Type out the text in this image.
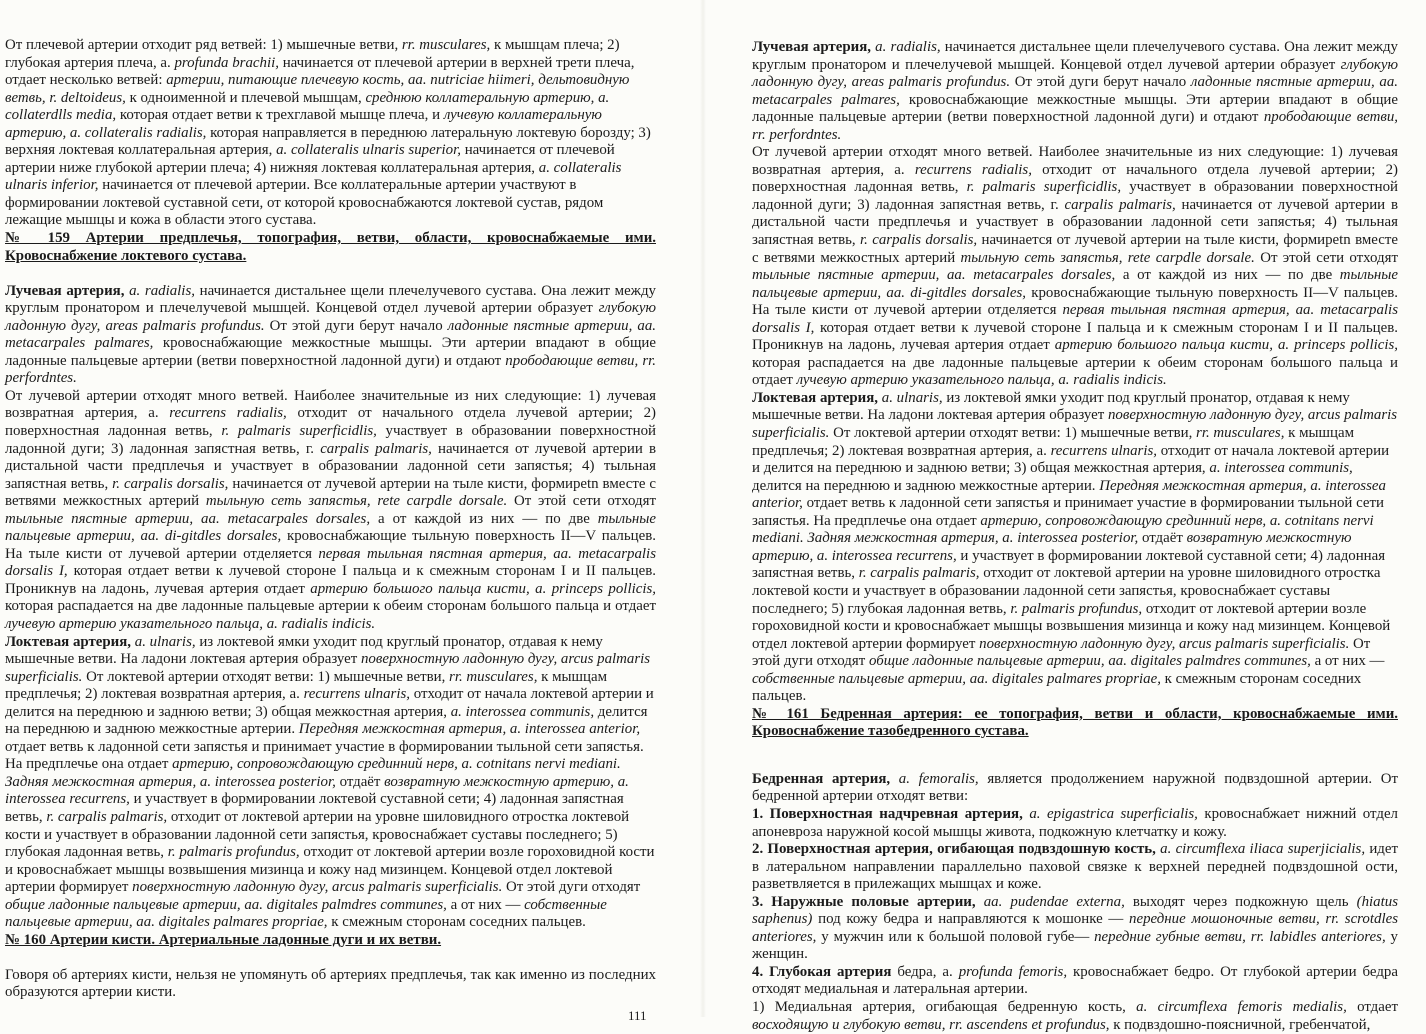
От плечевой артерии отходит ряд ветвей: 1) мышечные ветви, rr. musculares, к мышцам плеча; 2) глубокая артерия плеча, а. profunda brachii, начинается от плечевой артерии в верхней трети плеча, отдает несколько ветвей: артерии, питающие плечевую кость, aa. nutriciae hiimeri, дельтовидную ветвь, r. deltoideus, к одноименной и плечевой мышцам, среднюю коллатеральную артерию, a. collaterdlls media, которая отдает ветви к трехглавой мышце плеча, и лучевую коллатеральную артерию, a. collateralis radialis, которая направляется в переднюю латеральную локтевую борозду; 3) верхняя локтевая коллатеральная артерия, a. collateralis ulnaris superior, начинается от плечевой артерии ниже глубокой артерии плеча; 4) нижняя локтевая коллатеральная артерия, a. collateralis ulnaris inferior, начинается от плечевой артерии. Все коллатеральные артерии участвуют в формировании локтевой суставной сети, от которой кровоснабжаются локтевой сустав, рядом лежащие мышцы и кожа в области этого сустава.

№ 159 Артерии предплечья, топография, ветви, области, кровоснабжаемые ими. Кровоснабжение локтевого сустава.

Лучевая артерия, a. radialis, начинается дистальнее щели плечелучевого сустава. Она лежит между круглым пронатором и плечелучевой мышцей. Концевой отдел лучевой артерии образует глубокую ладонную дугу, areas palmaris profundus. От этой дуги берут начало ладонные пястные артерии, aa. metacarpales palmares, кровоснабжающие межкостные мышцы. Эти артерии впадают в общие ладонные пальцевые артерии (ветви поверхностной ладонной дуги) и отдают прободающие ветви, rr. perfordntes.

От лучевой артерии отходят много ветвей. Наиболее значительные из них следующие: 1) лучевая возвратная артерия, а. recurrens radialis, отходит от начального отдела лучевой артерии; 2) поверхностная ладонная ветвь, r. palmaris superficidlis, участвует в образовании поверхностной ладонной дуги; 3) ладонная запястная ветвь, г. carpalis palmaris, начинается от лучевой артерии в дистальной части предплечья и участвует в образовании ладонной сети запястья; 4) тыльная запястная ветвь, r. carpalis dorsalis, начинается от лучевой артерии на тыле кисти, формирetn вместе с ветвями межкостных артерий тыльную сеть запястья, rete carpdle dorsale. От этой сети отходят тыльные пястные артерии, aa. metacarpales dorsales, а от каждой из них — по две тыльные пальцевые артерии, aa. di-gitdles dorsales, кровоснабжающие тыльную поверхность II—V пальцев. На тыле кисти от лучевой артерии отделяется первая тыльная пястная артерия, aa. metacarpalis dorsalis I, которая отдает ветви к лучевой стороне I пальца и к смежным сторонам I и II пальцев. Проникнув на ладонь, лучевая артерия отдает артерию большого пальца кисти, a. princeps pollicis, которая распадается на две ладонные пальцевые артерии к обеим сторонам большого пальца и отдает лучевую артерию указательного пальца, a. radialis indicis.

Локтевая артерия, a. ulnaris, из локтевой ямки уходит под круглый пронатор, отдавая к нему мышечные ветви. На ладони локтевая артерия образует поверхностную ладонную дугу, arcus palmaris superficialis. От локтевой артерии отходят ветви: 1) мышечные ветви, rr. musculares, к мышцам предплечья; 2) локтевая возвратная артерия, а. recurrens ulnaris, отходит от начала локтевой артерии и делится на переднюю и заднюю ветви; 3) общая межкостная артерия, a. interossea communis, делится на переднюю и заднюю межкостные артерии. Передняя межкостная артерия, a. interossea anterior, отдает ветвь к ладонной сети запястья и принимает участие в формировании тыльной сети запястья. На предплечье она отдает артерию, сопровождающую срединний нерв, a. cotnitans nervi mediani. Задняя межкостная артерия, a. interossea posterior, отдаёт возвратную межкостную артерию, a. interossea recurrens, и участвует в формировании локтевой суставной сети; 4) ладонная запястная ветвь, r. carpalis palmaris, отходит от локтевой артерии на уровне шиловидного отростка локтевой кости и участвует в образовании ладонной сети запястья, кровоснабжает суставы последнего; 5) глубокая ладонная ветвь, r. palmaris profundus, отходит от локтевой артерии возле гороховидной кости и кровоснабжает мышцы возвышения мизинца и кожу над мизинцем. Концевой отдел локтевой артерии формирует поверхностную ладонную дугу, arcus palmaris superficialis. От этой дуги отходят общие ладонные пальцевые артерии, aa. digitales palmdres communes, а от них — собственные пальцевые артерии, aa. digitales palmares propriae, к смежным сторонам соседних пальцев.

№ 160 Артерии кисти. Артериальные ладонные дуги и их ветви.

Говоря об артериях кисти, нельзя не упомянуть об артериях предплечья, так как именно из последних образуются артерии кисти.

111

Лучевая артерия, a. radialis, начинается дистальнее щели плечелучевого сустава. Она лежит между круглым пронатором и плечелучевой мышцей. Концевой отдел лучевой артерии образует глубокую ладонную дугу, areas palmaris profundus. От этой дуги берут начало ладонные пястные артерии, aa. metacarpales palmares, кровоснабжающие межкостные мышцы. Эти артерии впадают в общие ладонные пальцевые артерии (ветви поверхностной ладонной дуги) и отдают прободающие ветви, rr. perfordntes.

От лучевой артерии отходят много ветвей. Наиболее значительные из них следующие: 1) лучевая возвратная артерия, а. recurrens radialis, отходит от начального отдела лучевой артерии; 2) поверхностная ладонная ветвь, r. palmaris superficidlis, участвует в образовании поверхностной ладонной дуги; 3) ладонная запястная ветвь, г. carpalis palmaris, начинается от лучевой артерии в дистальной части предплечья и участвует в образовании ладонной сети запястья; 4) тыльная запястная ветвь, r. carpalis dorsalis, начинается от лучевой артерии на тыле кисти, формирetn вместе с ветвями межкостных артерий тыльную сеть запястья, rete carpdle dorsale. От этой сети отходят тыльные пястные артерии, aa. metacarpales dorsales, а от каждой из них — по две тыльные пальцевые артерии, aa. di-gitdles dorsales, кровоснабжающие тыльную поверхность II—V пальцев. На тыле кисти от лучевой артерии отделяется первая тыльная пястная артерия, aa. metacarpalis dorsalis I, которая отдает ветви к лучевой стороне I пальца и к смежным сторонам I и II пальцев. Проникнув на ладонь, лучевая артерия отдает артерию большого пальца кисти, a. princeps pollicis, которая распадается на две ладонные пальцевые артерии к обеим сторонам большого пальца и отдает лучевую артерию указательного пальца, a. radialis indicis.

Локтевая артерия, a. ulnaris, из локтевой ямки уходит под круглый пронатор, отдавая к нему мышечные ветви. На ладони локтевая артерия образует поверхностную ладонную дугу, arcus palmaris superficialis. От локтевой артерии отходят ветви: 1) мышечные ветви, rr. musculares, к мышцам предплечья; 2) локтевая возвратная артерия, а. recurrens ulnaris, отходит от начала локтевой артерии и делится на переднюю и заднюю ветви; 3) общая межкостная артерия, a. interossea communis, делится на переднюю и заднюю межкостные артерии. Передняя межкостная артерия, a. interossea anterior, отдает ветвь к ладонной сети запястья и принимает участие в формировании тыльной сети запястья. На предплечье она отдает артерию, сопровождающую срединний нерв, a. cotnitans nervi mediani. Задняя межкостная артерия, a. interossea posterior, отдаёт возвратную межкостную артерию, a. interossea recurrens, и участвует в формировании локтевой суставной сети; 4) ладонная запястная ветвь, r. carpalis palmaris, отходит от локтевой артерии на уровне шиловидного отростка локтевой кости и участвует в образовании ладонной сети запястья, кровоснабжает суставы последнего; 5) глубокая ладонная ветвь, r. palmaris profundus, отходит от локтевой артерии возле гороховидной кости и кровоснабжает мышцы возвышения мизинца и кожу над мизинцем. Концевой отдел локтевой артерии формирует поверхностную ладонную дугу, arcus palmaris superficialis. От этой дуги отходят общие ладонные пальцевые артерии, aa. digitales palmdres communes, а от них — собственные пальцевые артерии, aa. digitales palmares propriae, к смежным сторонам соседних пальцев.

№ 161 Бедренная артерия: ее топография, ветви и области, кровоснабжаемые ими. Кровоснабжение тазобедренного сустава.

Бедренная артерия, a. femoralis, является продолжением наружной подвздошной артерии. От бедренной артерии отходят ветви:

1. Поверхностная надчревная артерия, a. epigastrica superficialis, кровоснабжает нижний отдел апоневроза наружной косой мышцы живота, подкожную клетчатку и кожу.

2. Поверхностная артерия, огибающая подвздошную кость, a. circumflexa iliaca superjicialis, идет в латеральном направлении параллельно паховой связке к верхней передней подвздошной ости, разветвляется в прилежащих мышцах и коже.

3. Наружные половые артерии, aa. pudendae externa, выходят через подкожную щель (hiatus saphenus) под кожу бедра и направляются к мошонке — передние мошоночные ветви, rr. scrotdles anteriores, у мужчин или к большой половой губе— передние губные ветви, rr. labidles anteriores, у женщин.

4. Глубокая артерия бедра, а. profunda femoris, кровоснабжает бедро. От глубокой артерии бедра отходят медиальная и латеральная артерии.

1) Медиальная артерия, огибающая бедренную кость, a. circumflexa femoris medialis, отдает восходящую и глубокую ветви, rr. ascendens et profundus, к подвздошно-поясничной, гребенчатой,
